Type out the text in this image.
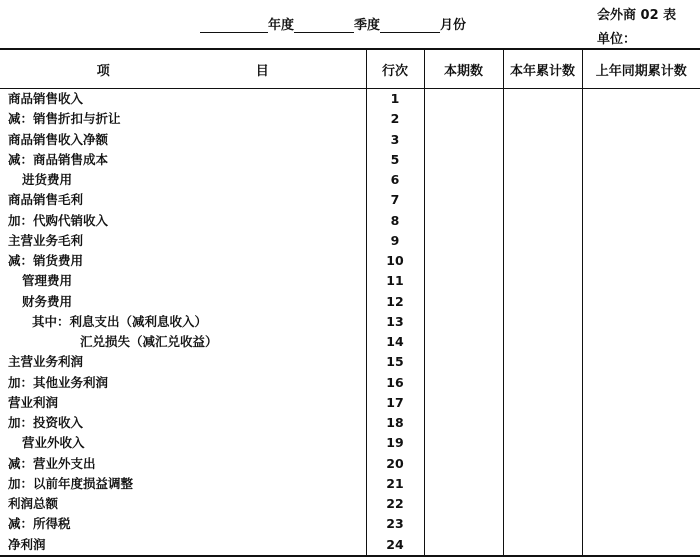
年度	季度	月份
会外商 02 表
单位：
项　　目	行次	本期数	本年累计数	上年同期累计数
商品销售收入	1			
减：销售折扣与折让	2			
商品销售收入净额	3			
减：商品销售成本	5			
进货费用	6			
商品销售毛利	7			
加：代购代销收入	8			
主营业务毛利	9			
减：销货费用	10			
管理费用	11			
财务费用	12			
其中：利息支出（减利息收入）	13			
汇兑损失（减汇兑收益）	14			
主营业务利润	15			
加：其他业务利润	16			
营业利润	17			
加：投资收入	18			
营业外收入	19			
减：营业外支出	20			
加：以前年度损益调整	21			
利润总额	22			
减：所得税	23			
净利润	24			
